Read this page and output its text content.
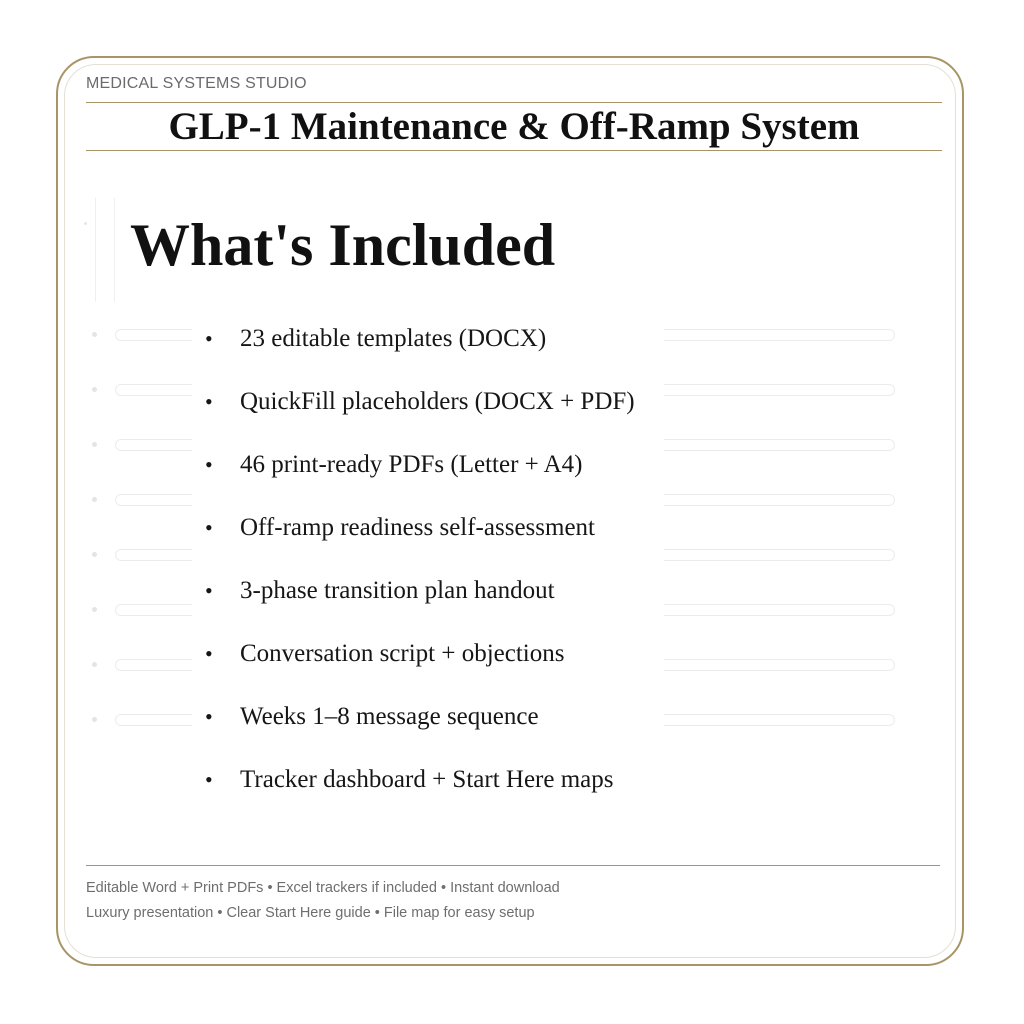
MEDICAL SYSTEMS STUDIO
GLP-1 Maintenance & Off-Ramp System
What's Included
•	23 editable templates (DOCX)
•	QuickFill placeholders (DOCX + PDF)
•	46 print-ready PDFs (Letter + A4)
•	Off-ramp readiness self-assessment
•	3-phase transition plan handout
•	Conversation script + objections
•	Weeks 1–8 message sequence
•	Tracker dashboard + Start Here maps
Editable Word + Print PDFs • Excel trackers if included • Instant download
Luxury presentation • Clear Start Here guide • File map for easy setup
